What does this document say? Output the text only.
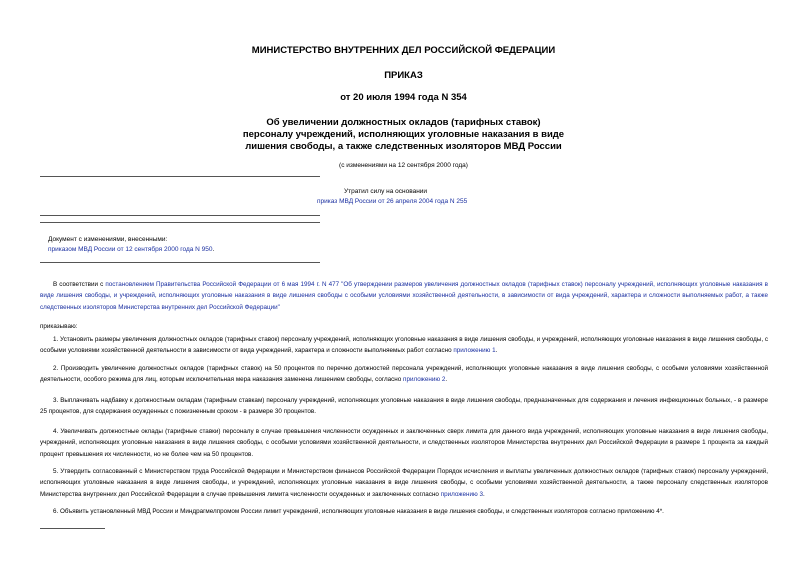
МИНИСТЕРСТВО ВНУТРЕННИХ ДЕЛ РОССИЙСКОЙ ФЕДЕРАЦИИ
ПРИКАЗ
от 20 июля 1994 года N 354
Об увеличении должностных окладов (тарифных ставок)
персоналу учреждений, исполняющих уголовные наказания в виде
лишения свободы, а также следственных изоляторов МВД России
(с изменениями на 12 сентября 2000 года)
Утратил силу на основании
приказ МВД России от 26 апреля 2004 года N 255
Документ с изменениями, внесенными:
приказом МВД России от 12 сентября 2000 года N 950.

В соответствии с постановлением Правительства Российской Федерации от 6 мая 1994 г. N 477 "Об утверждении размеров увеличения должностных окладов (тарифных ставок) персоналу учреждений, исполняющих уголовные наказания в виде лишения свободы, и учреждений, исполняющих уголовные наказания в виде лишения свободы с особыми условиями хозяйственной деятельности, в зависимости от вида учреждений, характера и сложности выполняемых работ, а также следственных изоляторов Министерства внутренних дел Российской Федерации"

приказываю:

1. Установить размеры увеличения должностных окладов (тарифных ставок) персоналу учреждений, исполняющих уголовные наказания в виде лишения свободы, и учреждений, исполняющих уголовные наказания в виде лишения свободы, с особыми условиями хозяйственной деятельности в зависимости от вида учреждений, характера и сложности выполняемых работ согласно приложению 1.

2. Производить увеличение должностных окладов (тарифных ставок) на 50 процентов по перечню должностей персонала учреждений, исполняющих уголовные наказания в виде лишения свободы, с особыми условиями хозяйственной деятельности, особого режима для лиц, которым исключительная мера наказания заменена лишением свободы, согласно приложению 2.

3. Выплачивать надбавку к должностным окладам (тарифным ставкам) персоналу учреждений, исполняющих уголовные наказания в виде лишения свободы, предназначенных для содержания и лечения инфекционных больных, - в размере 25 процентов, для содержания осужденных с пожизненным сроком - в размере 30 процентов.

4. Увеличивать должностные оклады (тарифные ставки) персоналу в случае превышения численности осужденных и заключенных сверх лимита для данного вида учреждений, исполняющих уголовные наказания в виде лишения свободы, учреждений, исполняющих уголовные наказания в виде лишения свободы, с особыми условиями хозяйственной деятельности, и следственных изоляторов Министерства внутренних дел Российской Федерации в размере 1 процента за каждый процент превышения их численности, но не более чем на 50 процентов.

5. Утвердить согласованный с Министерством труда Российской Федерации и Министерством финансов Российской Федерации Порядок исчисления и выплаты увеличенных должностных окладов (тарифных ставок) персоналу учреждений, исполняющих уголовные наказания в виде лишения свободы, и учреждений, исполняющих уголовные наказания в виде лишения свободы, с особыми условиями хозяйственной деятельности, а также персоналу следственных изоляторов Министерства внутренних дел Российской Федерации в случае превышения лимита численности осужденных и заключенных согласно приложению 3.

6. Объявить установленный МВД России и Миндрагмелпромом России лимит учреждений, исполняющих уголовные наказания в виде лишения свободы, и следственных изоляторов согласно приложению 4*.
